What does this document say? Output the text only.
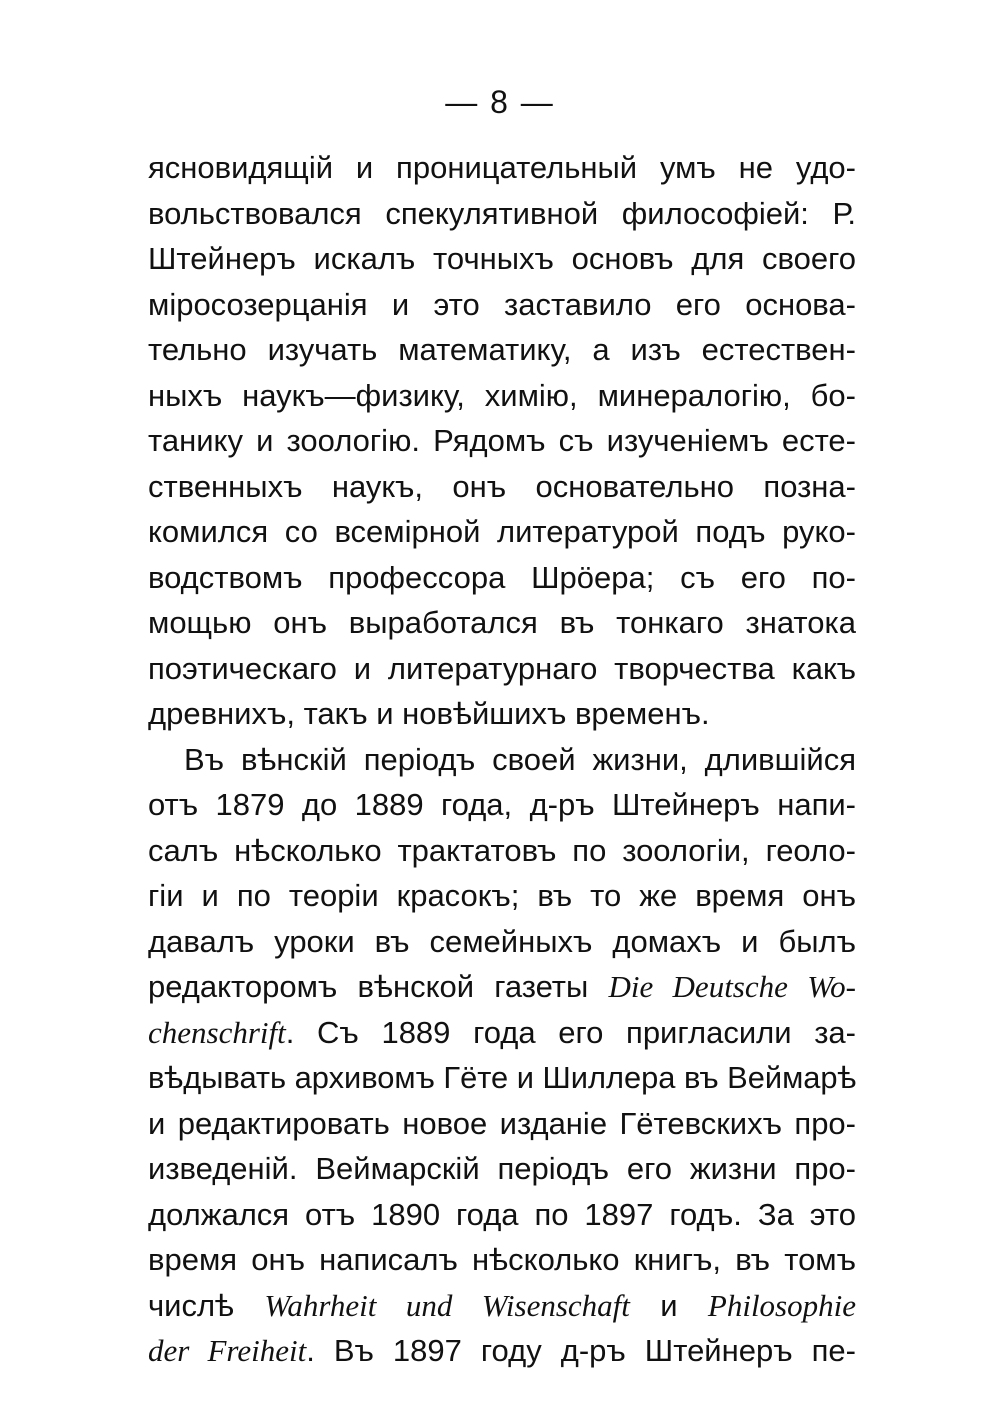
— 8 —
ясновидящій и проницательный умъ не удо-
вольствовался спекулятивной философіей: Р.
Штейнеръ искалъ точныхъ основъ для своего
міросозерцанія и это заставило его основа-
тельно изучать математику, а изъ естествен-
ныхъ наукъ—физику, химію, минералогію, бо-
танику и зоологію. Рядомъ съ изученіемъ есте-
ственныхъ наукъ, онъ основательно позна-
комился со всемірной литературой подъ руко-
водствомъ профессора Шрöера; съ его по-
мощью онъ выработался въ тонкаго знатока
поэтическаго и литературнаго творчества какъ
древнихъ, такъ и новѣйшихъ временъ.
Въ вѣнскій періодъ своей жизни, длившійся
отъ 1879 до 1889 года, д-ръ Штейнеръ напи-
салъ нѣсколько трактатовъ по зоологіи, геоло-
гіи и по теоріи красокъ; въ то же время онъ
давалъ уроки въ семейныхъ домахъ и былъ
редакторомъ вѣнской газеты Die Deutsche Wo-
chenschrift. Съ 1889 года его пригласили за-
вѣдывать архивомъ Гёте и Шиллера въ Веймарѣ
и редактировать новое изданіе Гётевскихъ про-
изведеній. Веймарскій періодъ его жизни про-
должался отъ 1890 года по 1897 годъ. За это
время онъ написалъ нѣсколько книгъ, въ томъ
числѣ Wahrheit und Wisenschaft и Philosophie
der Freiheit. Въ 1897 году д-ръ Штейнеръ пе-
